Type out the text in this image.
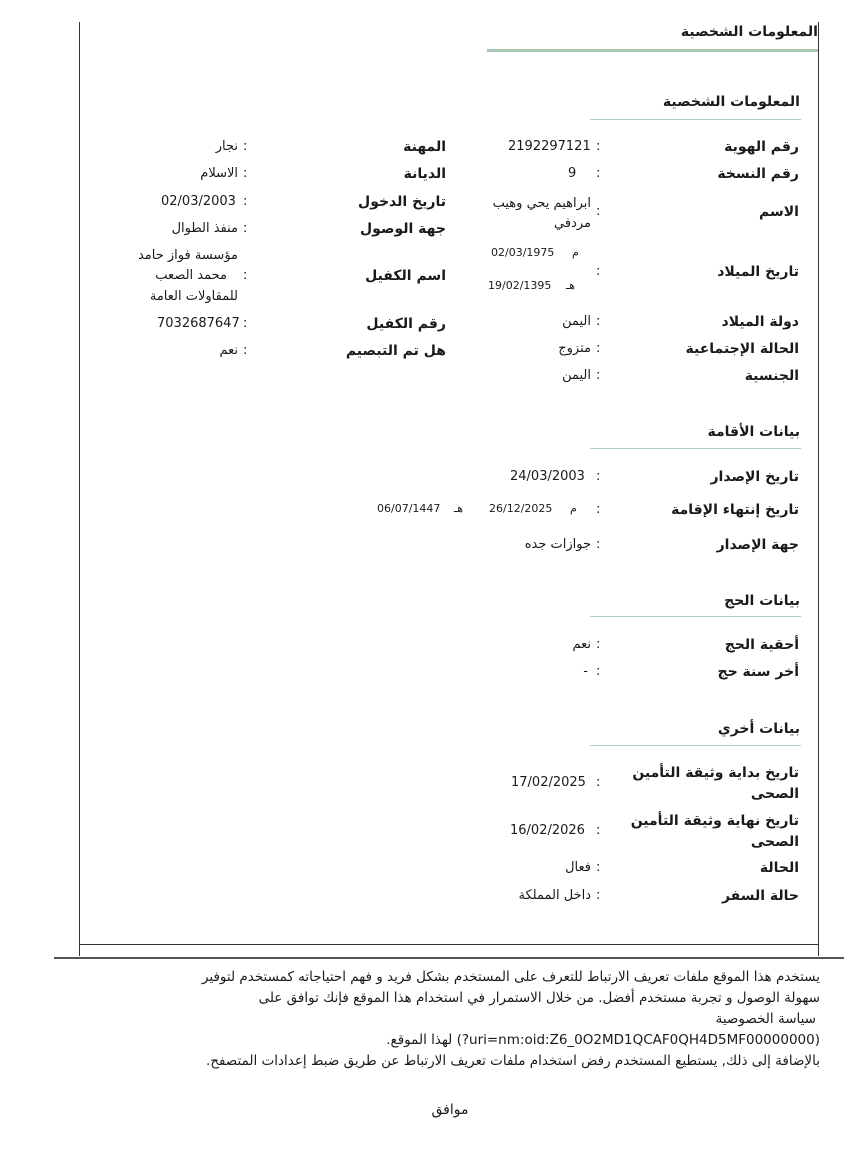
المعلومات الشخصية
المعلومات الشخصية
رقم الهوية
:
2192297121
رقم النسخة
:
9
الاسم
:
ابراهيم يحي وهيب
مردفي
تاريخ الميلاد
:
م
02/03/1975
هـ
19/02/1395
دولة الميلاد
:
اليمن
الحالة الإجتماعية
:
متزوج
الجنسية
:
اليمن
المهنة
:
نجار
الديانة
:
الاسلام
تاريخ الدخول
:
02/03/2003
جهة الوصول
:
منفذ الطوال
اسم الكفيل
:
مؤسسة فواز حامد
محمد الصعب
للمقاولات العامة
رقم الكفيل
:
7032687647
هل تم التبصيم
:
نعم
بيانات الأقامة
تاريخ الإصدار
:
24/03/2003
تاريخ إنتهاء الإقامة
:
م
26/12/2025
هـ
06/07/1447
جهة الإصدار
:
جوازات جده
بيانات الحج
أحقية الحج
:
نعم
أخر سنة حج
:
-
بيانات أخري
تاريخ بداية وثيقة التأمين
الصحى
:
17/02/2025
تاريخ نهاية وثيقة التأمين
الصحى
:
16/02/2026
الحالة
:
فعال
حالة السفر
:
داخل المملكة

يستخدم هذا الموقع ملفات تعريف الارتباط للتعرف على المستخدم بشكل فريد و فهم احتياجاته كمستخدم لتوفير

سهولة الوصول و تجربة مستخدم أفضل. من خلال الاستمرار في استخدام هذا الموقع فإنك توافق على

سياسة الخصوصية

(uri=nm:oid:Z6_0O2MD1QCAF0QH4D5MF00000000?) لهذا الموقع.

بالإضافة إلى ذلك, يستطيع المستخدم رفض استخدام ملفات تعريف الارتباط عن طريق ضبط إعدادات المتصفح.

موافق
